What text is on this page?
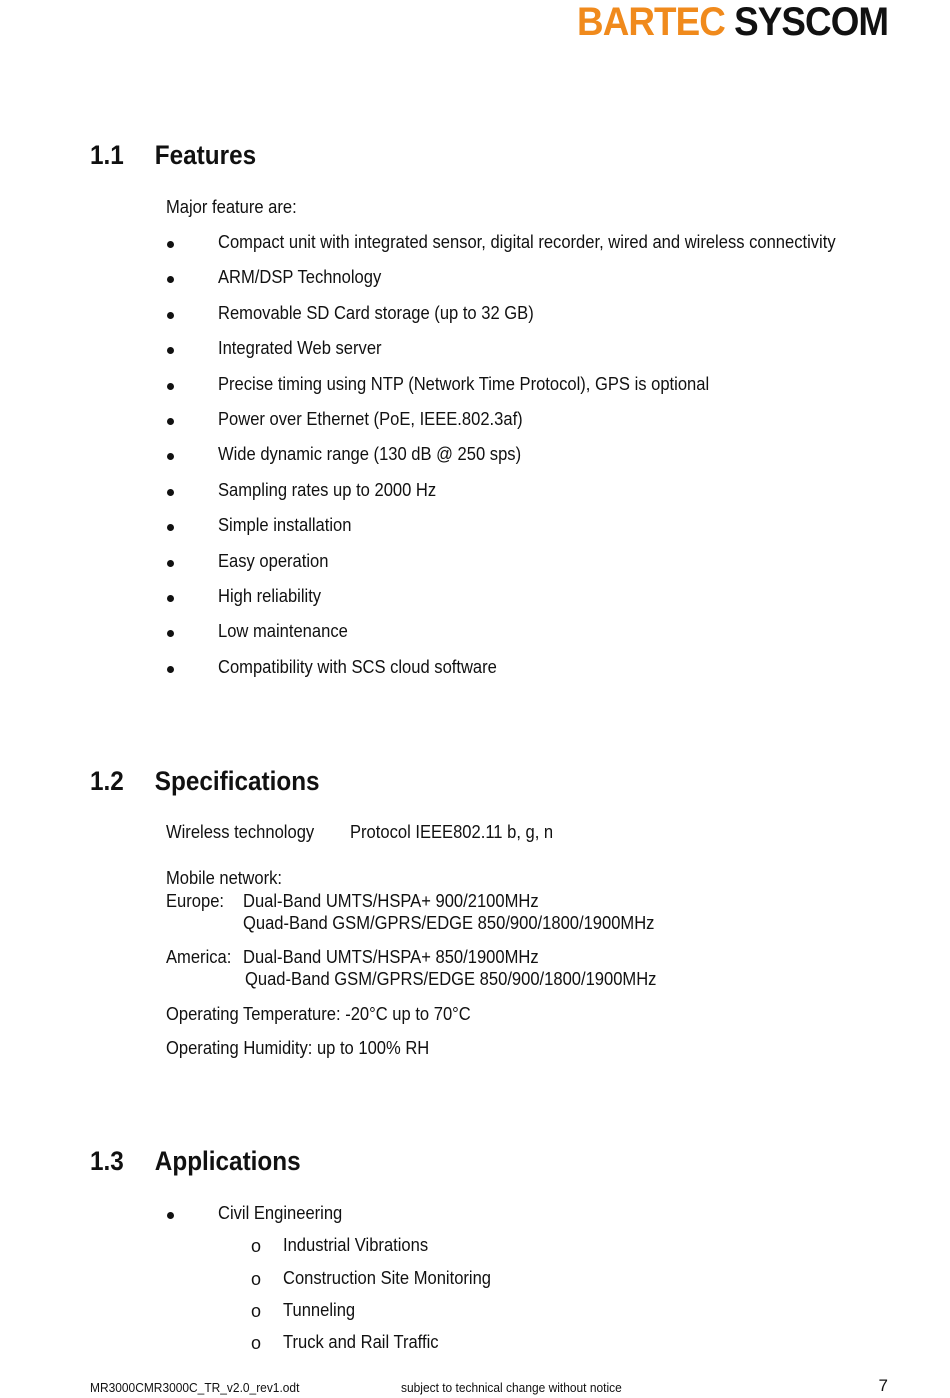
BARTEC SYSCOM
1.1 Features
Major feature are:
Compact unit with integrated sensor, digital recorder, wired and wireless connectivity
ARM/DSP Technology
Removable SD Card storage (up to 32 GB)
Integrated Web server
Precise timing using NTP (Network Time Protocol), GPS is optional
Power over Ethernet (PoE, IEEE.802.3af)
Wide dynamic range (130 dB @ 250 sps)
Sampling rates up to 2000 Hz
Simple installation
Easy operation
High reliability
Low maintenance
Compatibility with SCS cloud software
1.2 Specifications
Wireless technology Protocol IEEE802.11 b, g, n
Mobile network:
Europe: Dual-Band UMTS/HSPA+ 900/2100MHz
Quad-Band GSM/GPRS/EDGE 850/900/1800/1900MHz
America: Dual-Band UMTS/HSPA+ 850/1900MHz
Quad-Band GSM/GPRS/EDGE 850/900/1800/1900MHz
Operating Temperature: -20°C up to 70°C
Operating Humidity: up to 100% RH
1.3 Applications
Civil Engineering
o Industrial Vibrations
o Construction Site Monitoring
o Tunneling
o Truck and Rail Traffic
MR3000CMR3000C_TR_v2.0_rev1.odt	subject to technical change without notice	7
